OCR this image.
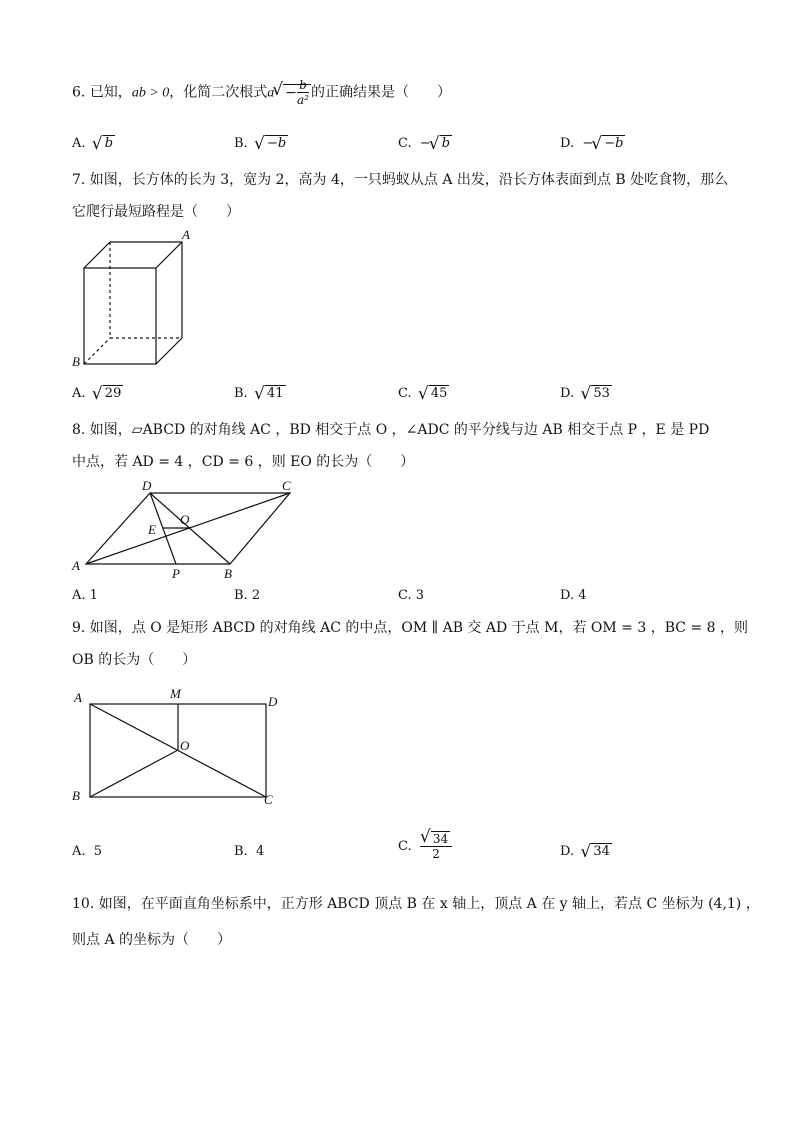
6. 已知，ab > 0，化简二次根式$a√ - \frac{b}{\text{a²}}$ 的正确结果是（　　）
A.  √ b	B.  √ −b	C. −√ b	D. −√ −b
7. 如图，长方体的长为 3，宽为 2，高为 4，一只蚂蚁从点 A 出发，沿长方体表面到点 B 处吃食物，那么
它爬行最短路程是（　　）
A
B
A.  √ 29	B.  √ 41	C.  √ 45	D.  √ 53
8. 如图，▱ABCD 的对角线 AC ，BD 相交于点 O ，∠ADC 的平分线与边 AB 相交于点 P ，E 是 PD
中点，若 AD = 4 ，CD = 6 ，则 EO 的长为（　　）
D	C
O
E
A
P	B
A. 1	B. 2	C. 3	D. 4
9. 如图，点 O 是矩形 ABCD 的对角线 AC 的中点，OM ∥ AB 交 AD 于点 M，若 OM = 3 ，BC = 8 ，则
OB 的长为（　　）
A	M
D
O
B	C
A. 5	B. 4	C.

√ $\frac{34}{2}$	D.  √ 34
10. 如图，在平面直角坐标系中，正方形 ABCD 顶点 B 在 x 轴上，顶点 A 在 y 轴上，若点 C 坐标为 (4,1) ，
则点 A 的坐标为（　　）
